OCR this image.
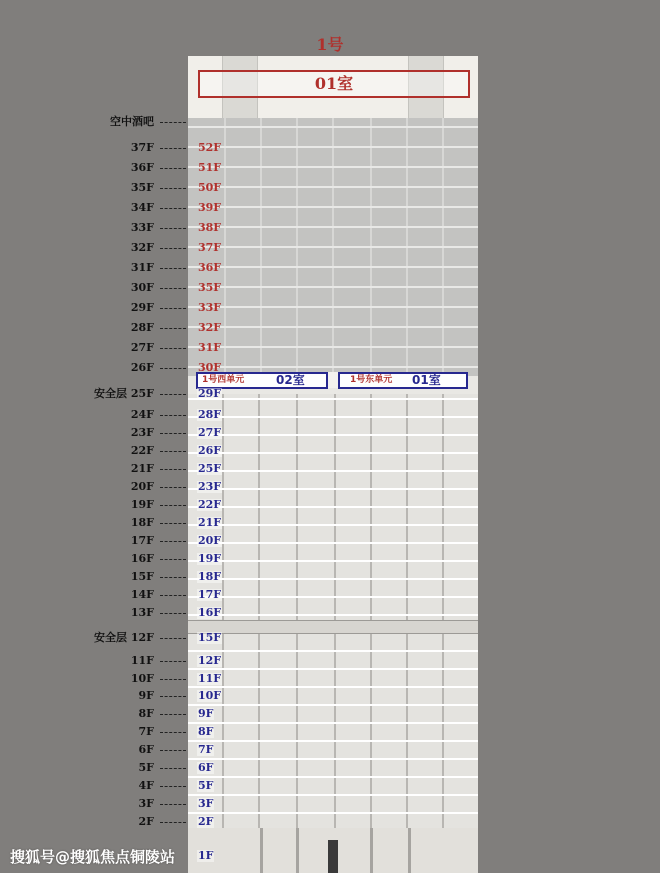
1号
01室
1号西单元	02室	1号东单元 01室
空中酒吧
37F	52F
36F	51F
35F	50F
34F	39F
33F	38F
32F	37F
31F	36F
30F	35F
29F	33F
28F	32F
27F	31F
26F	30F
安全层 25F	29F
24F	28F
23F	27F
22F	26F
21F	25F
20F	23F
19F	22F
18F	21F
17F	20F
16F	19F
15F	18F
14F	17F
13F	16F
安全层 12F	15F
11F	12F
10F	11F
9F	10F
8F	9F
7F	8F
6F	7F
5F	6F
4F	5F
3F	3F
2F	2F
1F
搜狐号@搜狐焦点铜陵站
